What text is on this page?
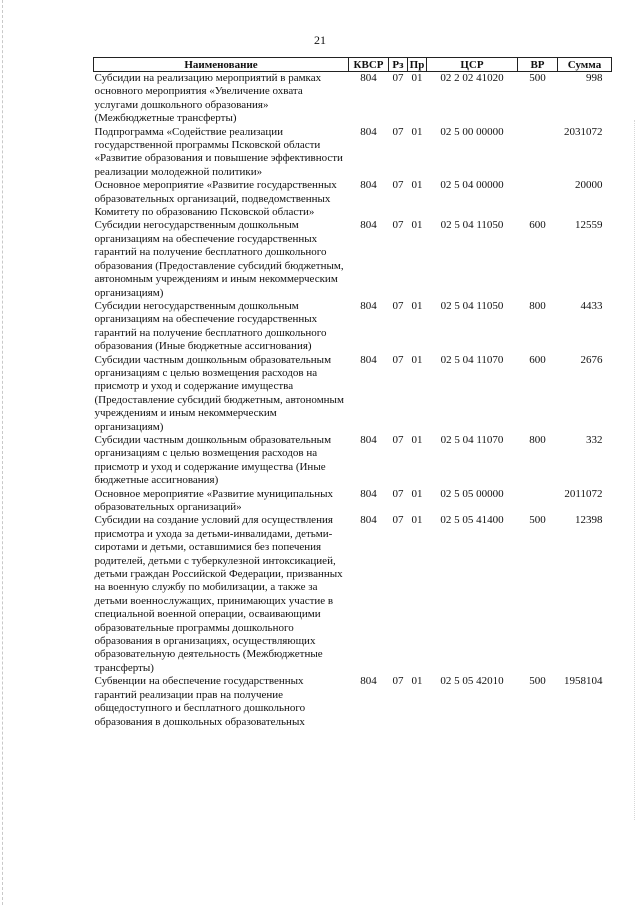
21
Наименование	КВСР	Рз	Пр	ЦСР	ВР	Сумма
Субсидии на реализацию мероприятий в рамках основного мероприятия «Увеличение охвата услугами дошкольного образования» (Межбюджетные трансферты)	804	07	01	02 2 02 41020	500	998
Подпрограмма «Содействие реализации государственной программы Псковской области «Развитие образования и повышение эффективности реализации молодежной политики»	804	07	01	02 5 00 00000		2031072
Основное мероприятие «Развитие государственных образовательных организаций, подведомственных Комитету по образованию Псковской области»	804	07	01	02 5 04 00000		20000
Субсидии негосударственным дошкольным организациям на обеспечение государственных гарантий на получение бесплатного дошкольного образования (Предоставление субсидий бюджетным, автономным учреждениям и иным некоммерческим организациям)	804	07	01	02 5 04 11050	600	12559
Субсидии негосударственным дошкольным организациям на обеспечение государственных гарантий на получение бесплатного дошкольного образования (Иные бюджетные ассигнования)	804	07	01	02 5 04 11050	800	4433
Субсидии частным дошкольным образовательным организациям с целью возмещения расходов на присмотр и уход и содержание имущества (Предоставление субсидий бюджетным, автономным учреждениям и иным некоммерческим организациям)	804	07	01	02 5 04 11070	600	2676
Субсидии частным дошкольным образовательным организациям с целью возмещения расходов на присмотр и уход и содержание имущества (Иные бюджетные ассигнования)	804	07	01	02 5 04 11070	800	332
Основное мероприятие «Развитие муниципальных образовательных организаций»	804	07	01	02 5 05 00000		2011072
Субсидии на создание условий для осуществления присмотра и ухода за детьми-инвалидами, детьми-сиротами и детьми, оставшимися без попечения родителей, детьми с туберкулезной интоксикацией, детьми граждан Российской Федерации, призванных на военную службу по мобилизации, а также за детьми военнослужащих, принимающих участие в специальной военной операции, осваивающими образовательные программы дошкольного образования в организациях, осуществляющих образовательную деятельность (Межбюджетные трансферты)	804	07	01	02 5 05 41400	500	12398
Субвенции на обеспечение государственных гарантий реализации прав на получение общедоступного и бесплатного дошкольного образования в дошкольных образовательных	804	07	01	02 5 05 42010	500	1958104
